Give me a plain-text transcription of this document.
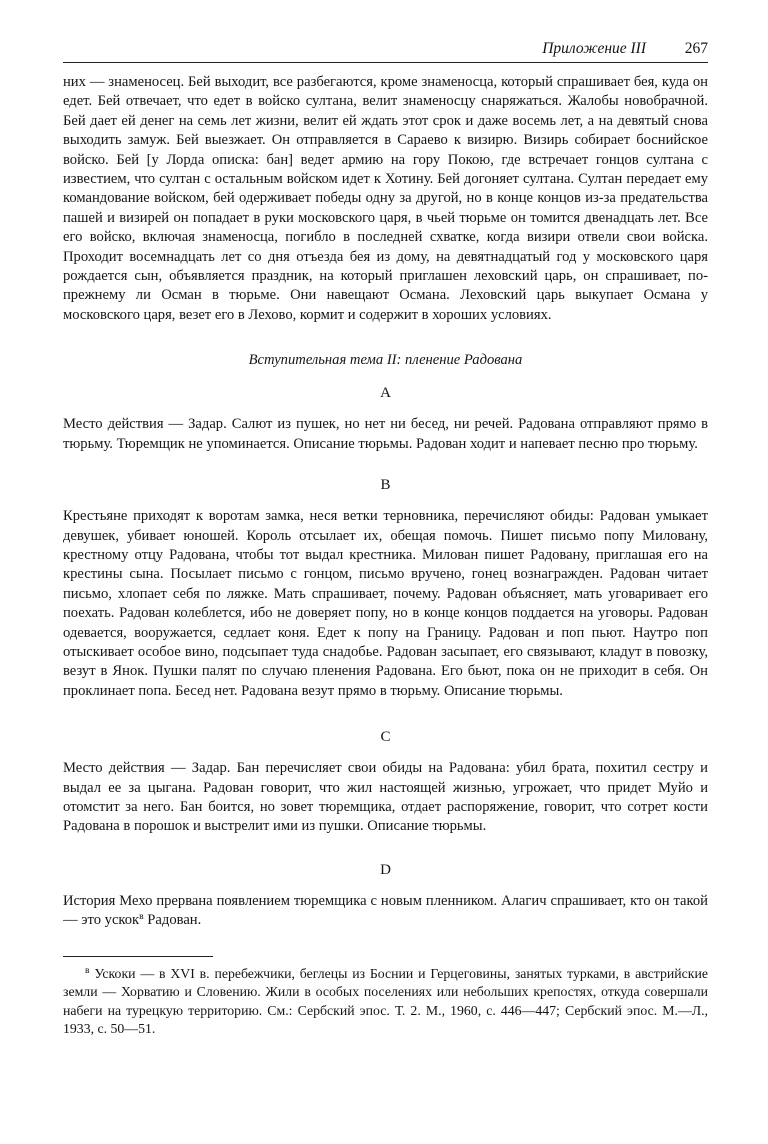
Приложение III	267

них — знаменосец. Бей выходит, все разбегаются, кроме знаменосца, который спрашивает бея, куда он едет. Бей отвечает, что едет в войско султана, велит знаменосцу снаряжаться. Жалобы новобрачной. Бей дает ей денег на семь лет жизни, велит ей ждать этот срок и даже восемь лет, а на девятый снова выходить замуж. Бей выезжает. Он отправляется в Сараево к визирю. Визирь собирает боснийское войско. Бей [у Лорда описка: бан] ведет армию на гору Покою, где встречает гонцов султана с известием, что султан с остальным войском идет к Хотину. Бей догоняет султана. Султан передает ему командование войском, бей одерживает победы одну за другой, но в конце концов из-за предательства пашей и визирей он попадает в руки московского царя, в чьей тюрьме он томится двенадцать лет. Все его войско, включая знаменосца, погибло в последней схватке, когда визири отвели свои войска. Проходит восемнадцать лет со дня отъезда бея из дому, на девятнадцатый год у московского царя рождается сын, объявляется праздник, на который приглашен леховский царь, он спрашивает, по-прежнему ли Осман в тюрьме. Они навещают Османа. Леховский царь выкупает Османа у московского царя, везет его в Лехово, кормит и содержит в хороших условиях.

Вступительная тема II: пленение Радована
A

Место действия — Задар. Салют из пушек, но нет ни бесед, ни речей. Радована отправляют прямо в тюрьму. Тюремщик не упоминается. Описание тюрьмы. Радован ходит и напевает песню про тюрьму.

B

Крестьяне приходят к воротам замка, неся ветки терновника, перечисляют обиды: Радован умыкает девушек, убивает юношей. Король отсылает их, обещая помочь. Пишет письмо попу Миловану, крестному отцу Радована, чтобы тот выдал крестника. Милован пишет Радовану, приглашая его на крестины сына. Посылает письмо с гонцом, письмо вручено, гонец вознагражден. Радован читает письмо, хлопает себя по ляжке. Мать спрашивает, почему. Радован объясняет, мать уговаривает его поехать. Радован колеблется, ибо не доверяет попу, но в конце концов поддается на уговоры. Радован одевается, вооружается, седлает коня. Едет к попу на Границу. Радован и поп пьют. Наутро поп отыскивает особое вино, подсыпает туда снадобье. Радован засыпает, его связывают, кладут в повозку, везут в Янок. Пушки палят по случаю пленения Радована. Его бьют, пока он не приходит в себя. Он проклинает попа. Бесед нет. Радована везут прямо в тюрьму. Описание тюрьмы.

C

Место действия — Задар. Бан перечисляет свои обиды на Радована: убил брата, похитил сестру и выдал ее за цыгана. Радован говорит, что жил настоящей жизнью, угрожает, что придет Муйо и отомстит за него. Бан боится, но зовет тюремщика, отдает распоряжение, говорит, что сотрет кости Радована в порошок и выстрелит ими из пушки. Описание тюрьмы.

D

История Мехо прервана появлением тюремщика с новым пленником. Алагич спрашивает, кто он такой — это ускок$^в$ Радован.

$^в$ Ускоки — в XVI в. перебежчики, беглецы из Боснии и Герцеговины, занятых турками, в австрийские земли — Хорватию и Словению. Жили в особых поселениях или небольших крепостях, откуда совершали набеги на турецкую территорию. См.: Сербский эпос. Т. 2. М., 1960, с. 446—447; Сербский эпос. М.—Л., 1933, с. 50—51.
